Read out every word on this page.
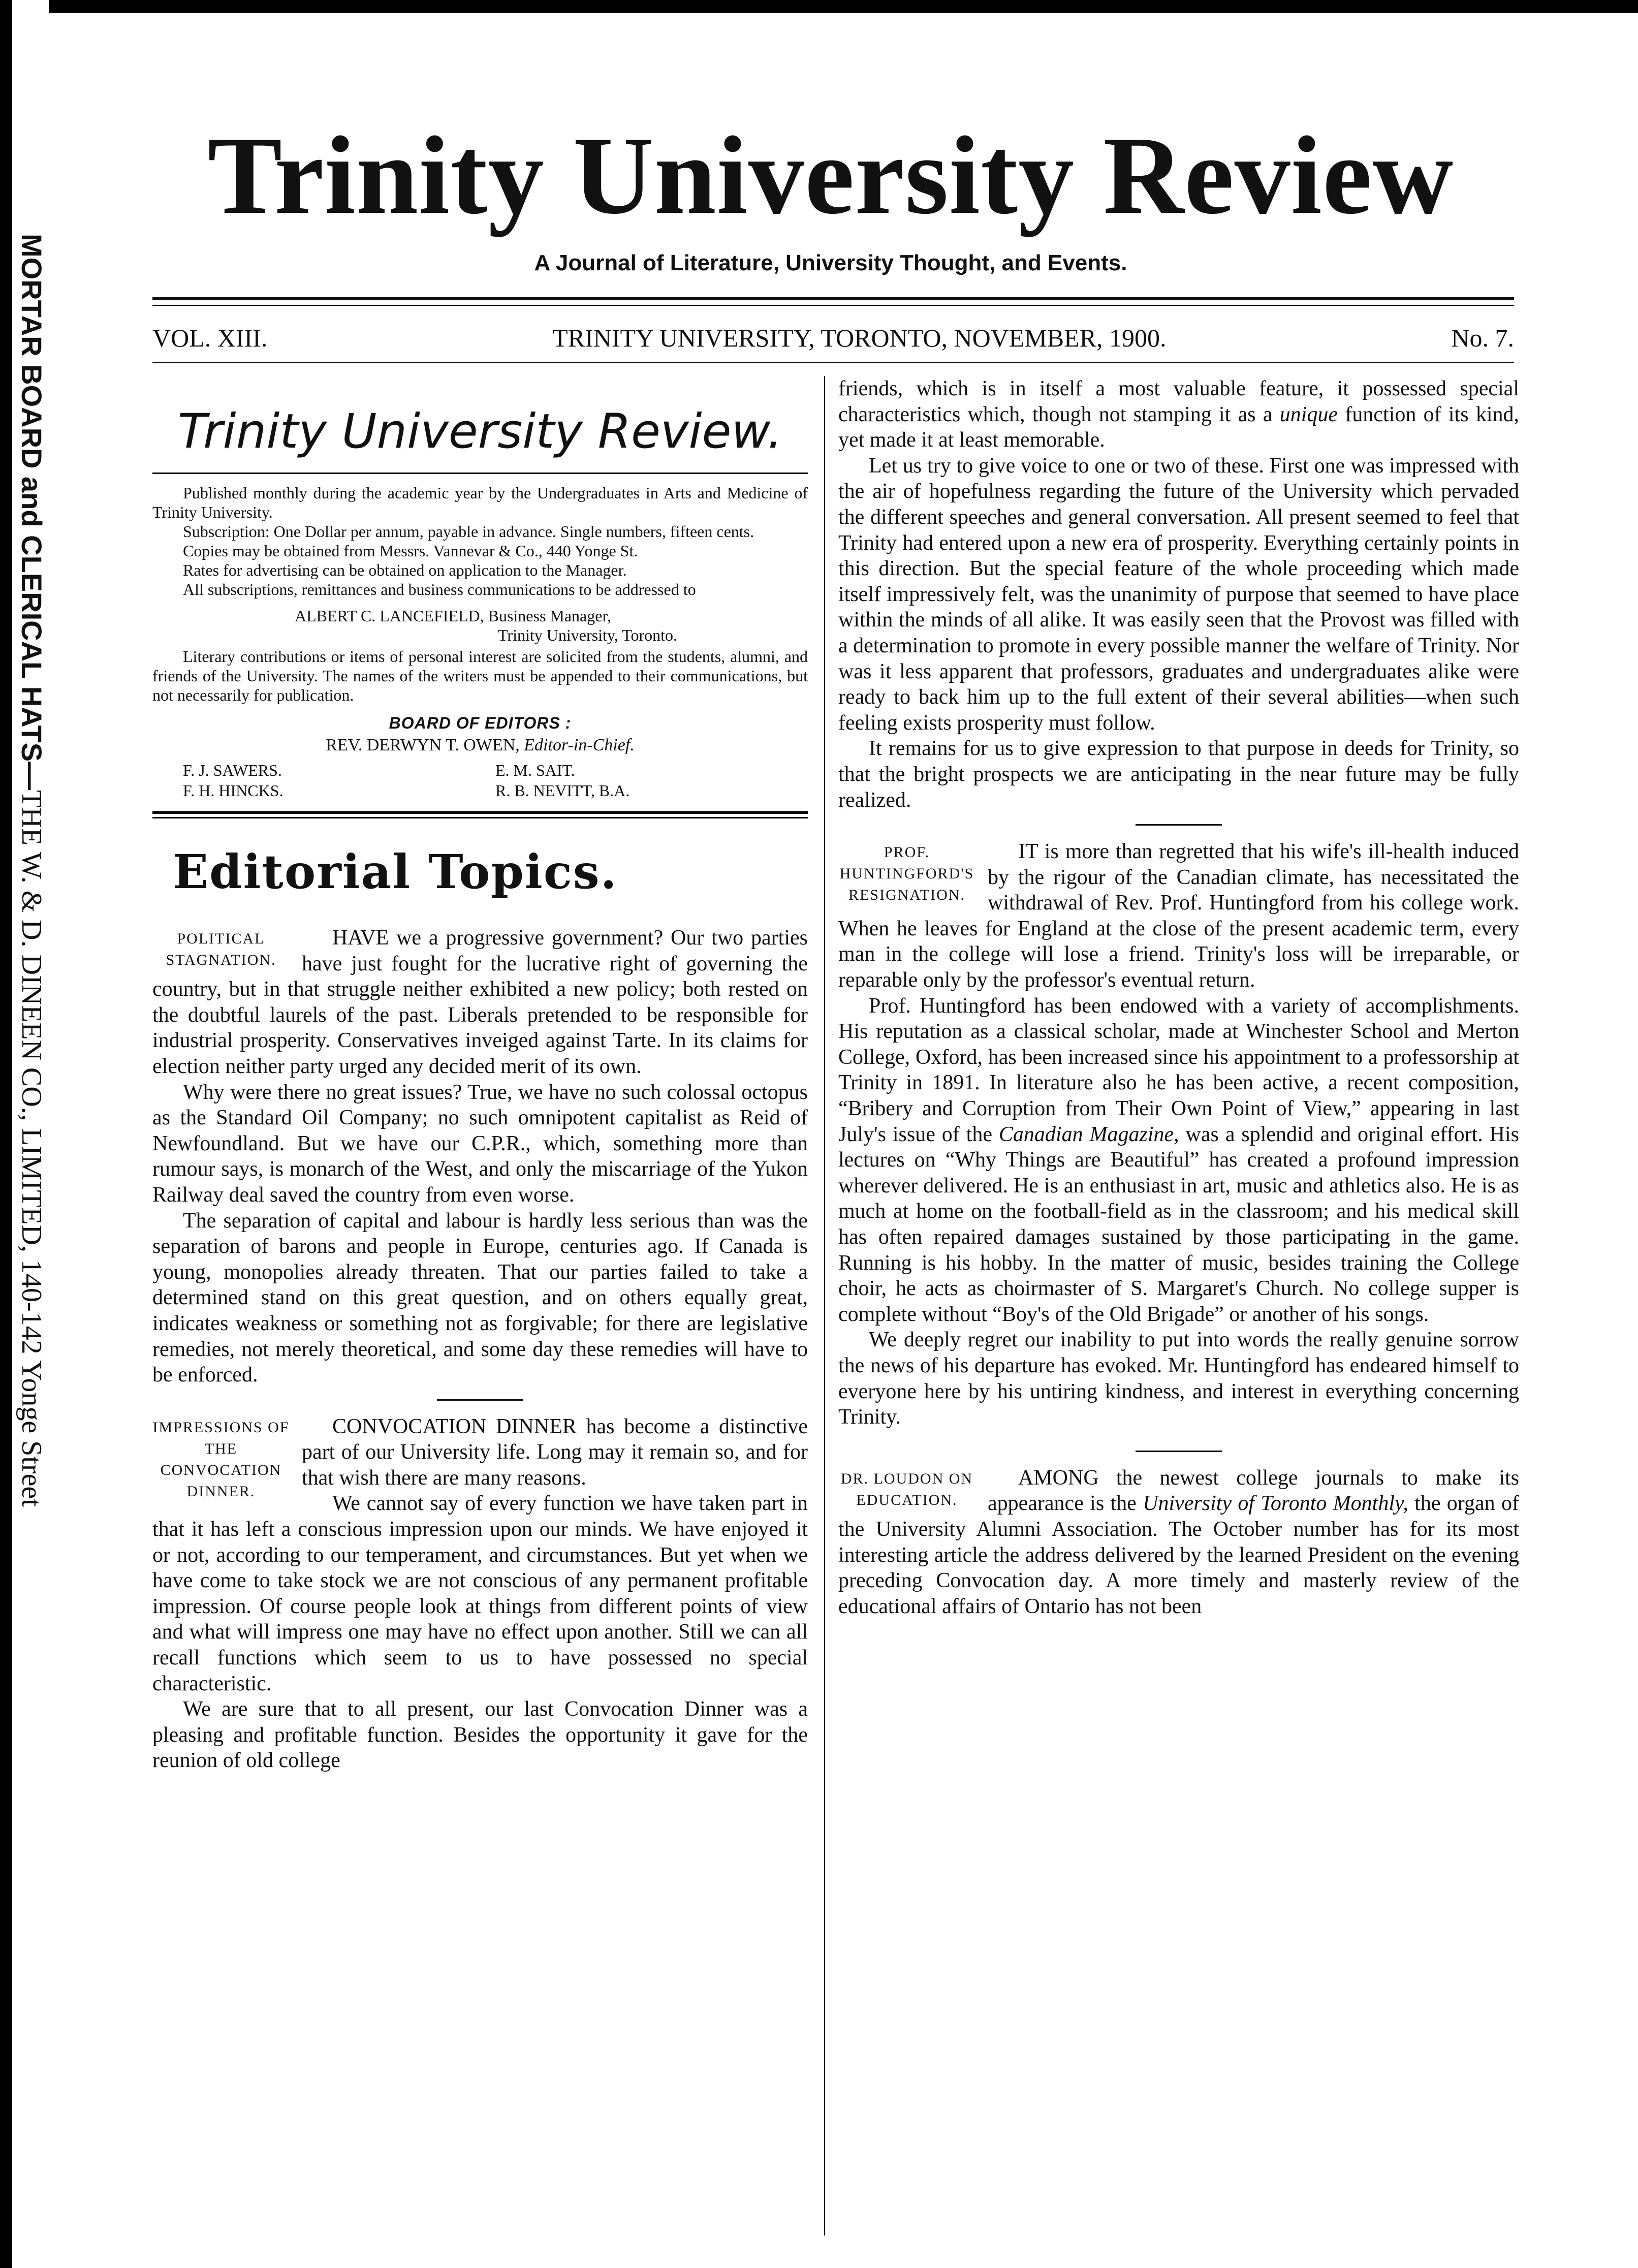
MORTAR BOARD and CLERICAL HATS—THE W. & D. DINEEN CO., LIMITED, 140-142 Yonge Street
Trinity University Review
A Journal of Literature, University Thought, and Events.
VOL. XIII.	TRINITY UNIVERSITY, TORONTO, NOVEMBER, 1900.	No. 7.
Trinity University Review.

Published monthly during the academic year by the Undergraduates in Arts and Medicine of Trinity University.

Subscription: One Dollar per annum, payable in advance. Single numbers, fifteen cents.

Copies may be obtained from Messrs. Vannevar & Co., 440 Yonge St.

Rates for advertising can be obtained on application to the Manager.

All subscriptions, remittances and business communications to be addressed to

ALBERT C. LANCEFIELD, Business Manager,
Trinity University, Toronto.

Literary contributions or items of personal interest are solicited from the students, alumni, and friends of the University. The names of the writers must be appended to their communications, but not necessarily for publication.

BOARD OF EDITORS :
REV. DERWYN T. OWEN, Editor-in-Chief.
F. J. SAWERS.	E. M. SAIT.
F. H. HINCKS.	R. B. NEVITT, B.A.
Editorial Topics.
POLITICAL STAGNATION.

HAVE we a progressive government? Our two parties have just fought for the lucrative right of governing the country, but in that struggle neither exhibited a new policy; both rested on the doubtful laurels of the past. Liberals pretended to be responsible for industrial prosperity. Conservatives inveiged against Tarte. In its claims for election neither party urged any decided merit of its own.

Why were there no great issues? True, we have no such colossal octopus as the Standard Oil Company; no such omnipotent capitalist as Reid of Newfoundland. But we have our C.P.R., which, something more than rumour says, is monarch of the West, and only the miscarriage of the Yukon Railway deal saved the country from even worse.

The separation of capital and labour is hardly less serious than was the separation of barons and people in Europe, centuries ago. If Canada is young, monopolies already threaten. That our parties failed to take a determined stand on this great question, and on others equally great, indicates weakness or something not as forgivable; for there are legislative remedies, not merely theoretical, and some day these remedies will have to be enforced.

IMPRESSIONS OF THE CONVOCATION DINNER.

CONVOCATION DINNER has become a distinctive part of our University life. Long may it remain so, and for that wish there are many reasons.

We cannot say of every function we have taken part in that it has left a conscious impression upon our minds. We have enjoyed it or not, according to our temperament, and circumstances. But yet when we have come to take stock we are not conscious of any permanent profitable impression. Of course people look at things from different points of view and what will impress one may have no effect upon another. Still we can all recall functions which seem to us to have possessed no special characteristic.

We are sure that to all present, our last Convocation Dinner was a pleasing and profitable function. Besides the opportunity it gave for the reunion of old college

friends, which is in itself a most valuable feature, it possessed special characteristics which, though not stamping it as a unique function of its kind, yet made it at least memorable.

Let us try to give voice to one or two of these. First one was impressed with the air of hopefulness regarding the future of the University which pervaded the different speeches and general conversation. All present seemed to feel that Trinity had entered upon a new era of prosperity. Everything certainly points in this direction. But the special feature of the whole proceeding which made itself impressively felt, was the unanimity of purpose that seemed to have place within the minds of all alike. It was easily seen that the Provost was filled with a determination to promote in every possible manner the welfare of Trinity. Nor was it less apparent that professors, graduates and undergraduates alike were ready to back him up to the full extent of their several abilities—when such feeling exists prosperity must follow.

It remains for us to give expression to that purpose in deeds for Trinity, so that the bright prospects we are anticipating in the near future may be fully realized.

PROF. HUNTINGFORD'S RESIGNATION.

IT is more than regretted that his wife's ill-health induced by the rigour of the Canadian climate, has necessitated the withdrawal of Rev. Prof. Huntingford from his college work. When he leaves for England at the close of the present academic term, every man in the college will lose a friend. Trinity's loss will be irreparable, or reparable only by the professor's eventual return.

Prof. Huntingford has been endowed with a variety of accomplishments. His reputation as a classical scholar, made at Winchester School and Merton College, Oxford, has been increased since his appointment to a professorship at Trinity in 1891. In literature also he has been active, a recent composition, “Bribery and Corruption from Their Own Point of View,” appearing in last July's issue of the Canadian Magazine, was a splendid and original effort. His lectures on “Why Things are Beautiful” has created a profound impression wherever delivered. He is an enthusiast in art, music and athletics also. He is as much at home on the football-field as in the classroom; and his medical skill has often repaired damages sustained by those participating in the game. Running is his hobby. In the matter of music, besides training the College choir, he acts as choirmaster of S. Margaret's Church. No college supper is complete without “Boy's of the Old Brigade” or another of his songs.

We deeply regret our inability to put into words the really genuine sorrow the news of his departure has evoked. Mr. Huntingford has endeared himself to everyone here by his untiring kindness, and interest in everything concerning Trinity.

DR. LOUDON ON EDUCATION.

AMONG the newest college journals to make its appearance is the University of Toronto Monthly, the organ of the University Alumni Association. The October number has for its most interesting article the address delivered by the learned President on the evening preceding Convocation day. A more timely and masterly review of the educational affairs of Ontario has not been
